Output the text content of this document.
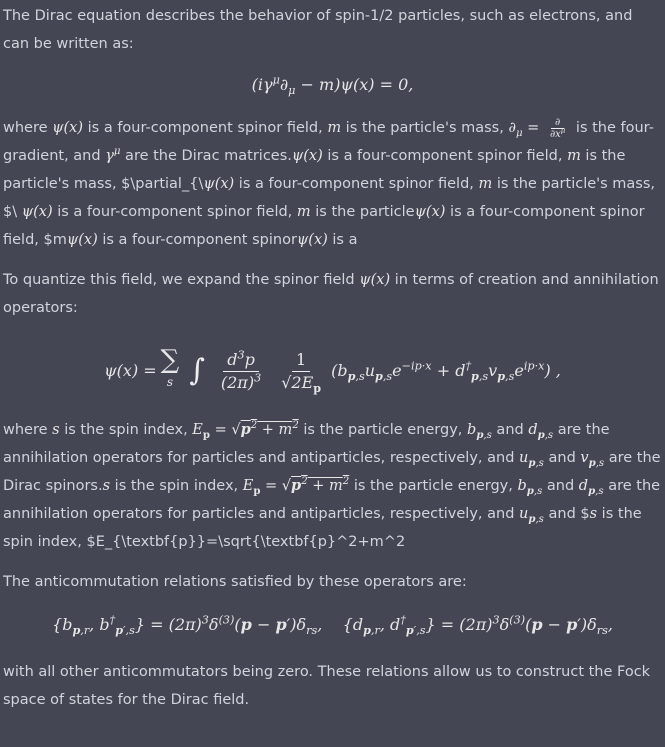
The Dirac equation describes the behavior of spin-1/2 particles, such as electrons, and can be written as:

$(i\gamma^\mu\partial_\mu - m)\psi(x) = 0$,

where ψ(x) is a four-component spinor field, m is the particle's mass, $\partial_\mu = \frac{\partial}{\partial x^\mu}$ is the four-gradient, and $\gamma^\mu$ are the Dirac matrices.ψ(x) is a four-component spinor field, m is the particle's mass, $\partial_{\ψ(x) is a four-component spinor field, m is the particle's mass, $\ ψ(x) is a four-component spinor field, m is the particleψ(x) is a four-component spinor field, $mψ(x) is a four-component spinorψ(x) is a

To quantize this field, we expand the spinor field ψ(x) in terms of creation and annihilation operators:

ψ(x) = ∑
s ∫ $\frac{d^3p}{(2\pi)^3} \frac{1}{√2E_p} (b_{p,s}u_{p,s}e^{-ip\cdot x} + d^\dagger_{p,s}v_{p,s}e^{ip\cdot x})$ ,

where s is the spin index, $E_p = √p^2 + m^2$ is the particle energy, $b_{p,s}$ and $d_{p,s}$ are the annihilation operators for particles and antiparticles, respectively, and $u_{p,s}$ and $v_{p,s}$ are the Dirac spinors.s is the spin index, $E_p = √p^2 + m^2$ is the particle energy, $b_{p,s}$ and $d_{p,s}$ are the annihilation operators for particles and antiparticles, respectively, and $u_{p,s}$ and $s is the spin index, $E_{\textbf{p}}=\sqrt{\textbf{p}^2+m^2

The anticommutation relations satisfied by these operators are:

{$b_{p,r}$, $b^\dagger_{p',s}\} = (2\pi)^3\delta^{(3)}(p - p')\delta_{rs}$,    {$d_{p,r}$, $d^\dagger_{p',s}\} = (2\pi)^3\delta^{(3)}(p - p')\delta_{rs}$,

with all other anticommutators being zero. These relations allow us to construct the Fock space of states for the Dirac field.
